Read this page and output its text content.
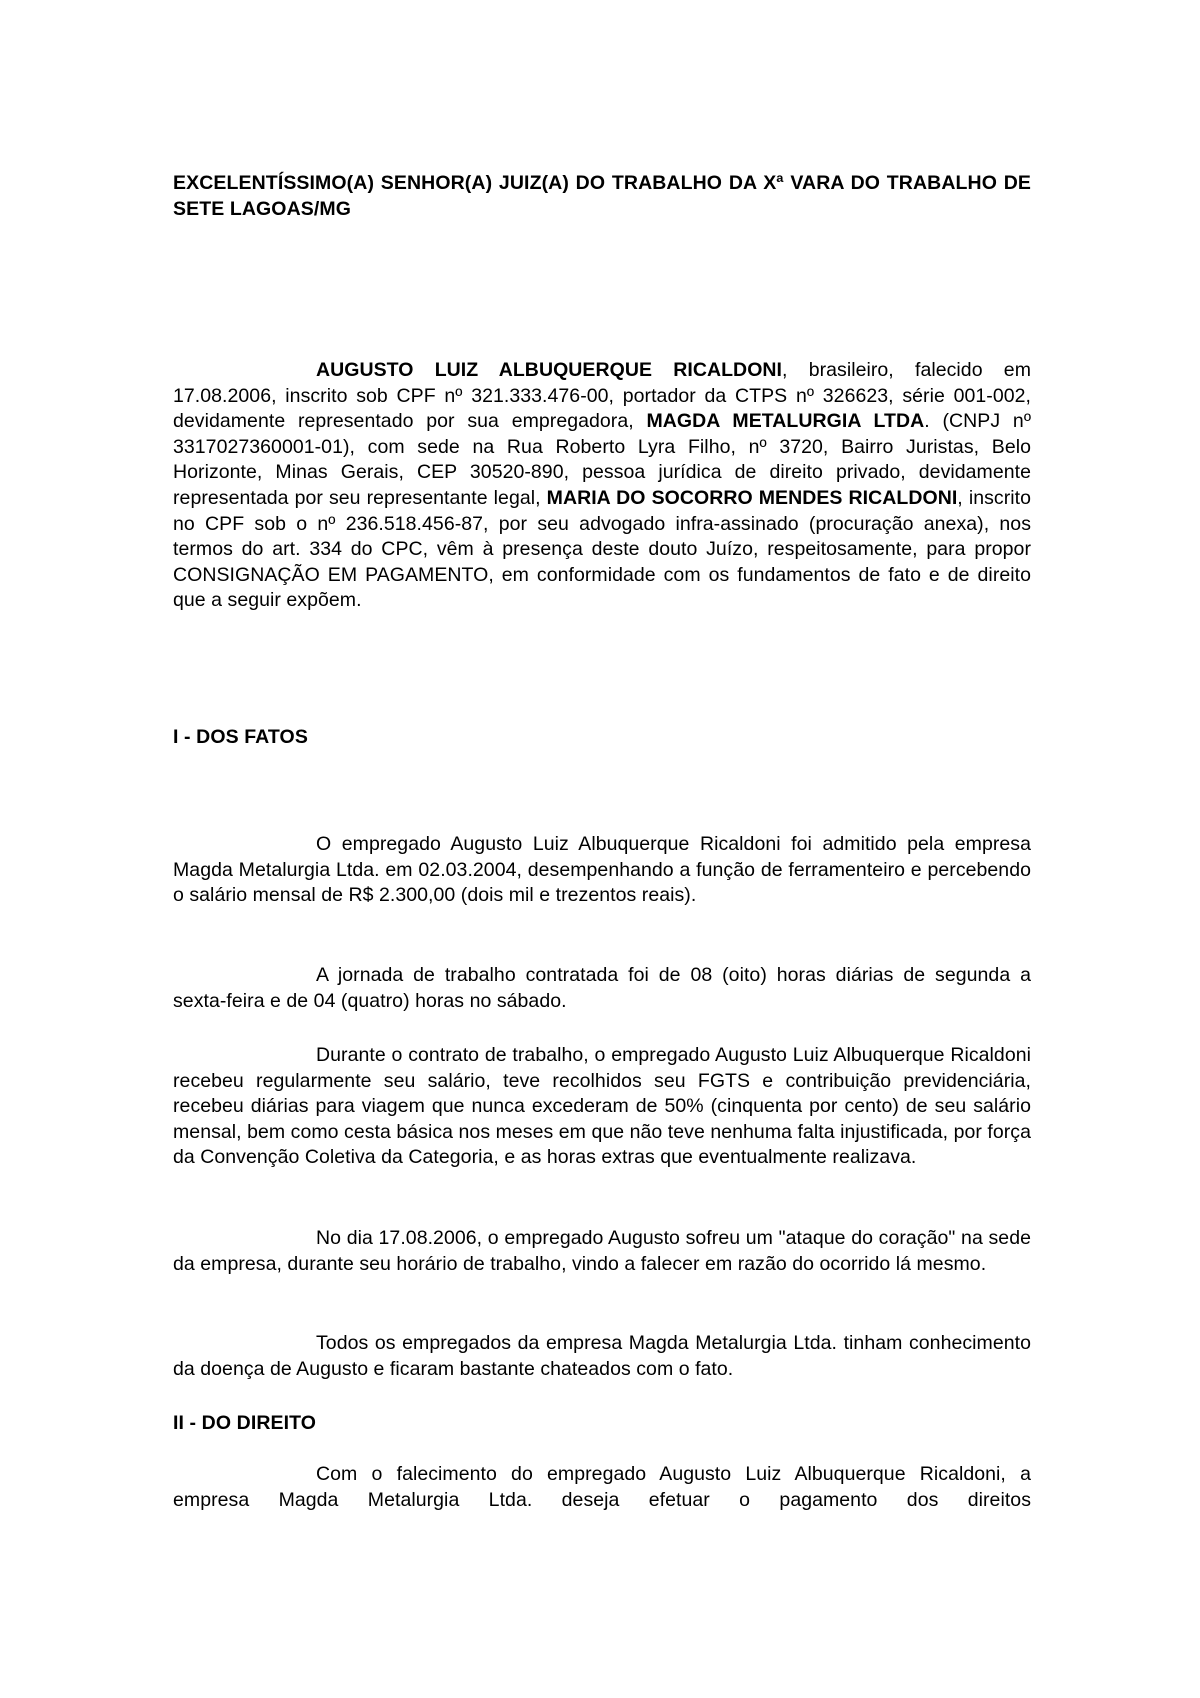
EXCELENTÍSSIMO(A) SENHOR(A) JUIZ(A) DO TRABALHO DA Xª VARA DO TRABALHO DE SETE LAGOAS/MG
AUGUSTO LUIZ ALBUQUERQUE RICALDONI, brasileiro, falecido em 17.08.2006, inscrito sob CPF nº 321.333.476-00, portador da CTPS nº 326623, série 001-002, devidamente representado por sua empregadora, MAGDA METALURGIA LTDA. (CNPJ nº 3317027360001-01), com sede na Rua Roberto Lyra Filho, nº 3720, Bairro Juristas, Belo Horizonte, Minas Gerais, CEP 30520-890, pessoa jurídica de direito privado, devidamente representada por seu representante legal, MARIA DO SOCORRO MENDES RICALDONI, inscrito no CPF sob o nº 236.518.456-87, por seu advogado infra-assinado (procuração anexa), nos termos do art. 334 do CPC, vêm à presença deste douto Juízo, respeitosamente, para propor CONSIGNAÇÃO EM PAGAMENTO, em conformidade com os fundamentos de fato e de direito que a seguir expõem.
I - DOS FATOS
O empregado Augusto Luiz Albuquerque Ricaldoni foi admitido pela empresa Magda Metalurgia Ltda. em 02.03.2004, desempenhando a função de ferramenteiro e percebendo o salário mensal de R$ 2.300,00 (dois mil e trezentos reais).
A jornada de trabalho contratada foi de 08 (oito) horas diárias de segunda a sexta-feira e de 04 (quatro) horas no sábado.
Durante o contrato de trabalho, o empregado Augusto Luiz Albuquerque Ricaldoni recebeu regularmente seu salário, teve recolhidos seu FGTS e contribuição previdenciária, recebeu diárias para viagem que nunca excederam de 50% (cinquenta por cento) de seu salário mensal, bem como cesta básica nos meses em que não teve nenhuma falta injustificada, por força da Convenção Coletiva da Categoria, e as horas extras que eventualmente realizava.
No dia 17.08.2006, o empregado Augusto sofreu um "ataque do coração" na sede da empresa, durante seu horário de trabalho, vindo a falecer em razão do ocorrido lá mesmo.
Todos os empregados da empresa Magda Metalurgia Ltda. tinham conhecimento da doença de Augusto e ficaram bastante chateados com o fato.
II - DO DIREITO
Com o falecimento do empregado Augusto Luiz Albuquerque Ricaldoni, a empresa Magda Metalurgia Ltda. deseja efetuar o pagamento dos direitos
